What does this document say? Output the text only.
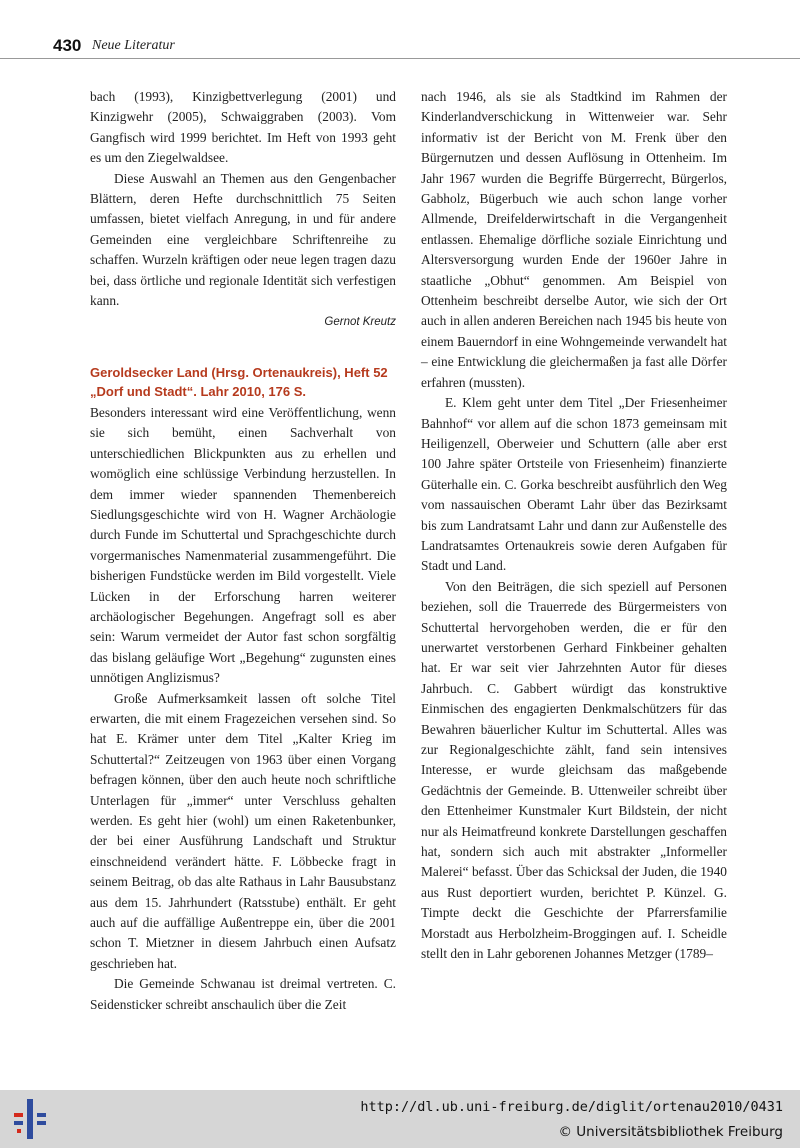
430 Neue Literatur

bach (1993), Kinzigbettverlegung (2001) und Kinzigwehr (2005), Schwaiggraben (2003). Vom Gangfisch wird 1999 berichtet. Im Heft von 1993 geht es um den Ziegelwaldsee.

Diese Auswahl an Themen aus den Gengenbacher Blättern, deren Hefte durchschnittlich 75 Seiten umfassen, bietet vielfach Anregung, in und für andere Gemeinden eine vergleichbare Schriftenreihe zu schaffen. Wurzeln kräftigen oder neue legen tragen dazu bei, dass örtliche und regionale Identität sich verfestigen kann.

Gernot Kreutz

Geroldsecker Land (Hrsg. Ortenaukreis), Heft 52 „Dorf und Stadt“. Lahr 2010, 176 S.

Besonders interessant wird eine Veröffentlichung, wenn sie sich bemüht, einen Sachverhalt von unterschiedlichen Blickpunkten aus zu erhellen und womöglich eine schlüssige Verbindung herzustellen. In dem immer wieder spannenden Themenbereich Siedlungsgeschichte wird von H. Wagner Archäologie durch Funde im Schuttertal und Sprachgeschichte durch vorgermanisches Namenmaterial zusammengeführt. Die bisherigen Fundstücke werden im Bild vorgestellt. Viele Lücken in der Erforschung harren weiterer archäologischer Begehungen. Angefragt soll es aber sein: Warum vermeidet der Autor fast schon sorgfältig das bislang geläufige Wort „Begehung“ zugunsten eines unnötigen Anglizismus?

Große Aufmerksamkeit lassen oft solche Titel erwarten, die mit einem Fragezeichen versehen sind. So hat E. Krämer unter dem Titel „Kalter Krieg im Schuttertal?“ Zeitzeugen von 1963 über einen Vorgang befragen können, über den auch heute noch schriftliche Unterlagen für „immer“ unter Verschluss gehalten werden. Es geht hier (wohl) um einen Raketenbunker, der bei einer Ausführung Landschaft und Struktur einschneidend verändert hätte. F. Löbbecke fragt in seinem Beitrag, ob das alte Rathaus in Lahr Bausubstanz aus dem 15. Jahrhundert (Ratsstube) enthält. Er geht auch auf die auffällige Außentreppe ein, über die 2001 schon T. Mietzner in diesem Jahrbuch einen Aufsatz geschrieben hat.

Die Gemeinde Schwanau ist dreimal vertreten. C. Seidensticker schreibt anschaulich über die Zeit

nach 1946, als sie als Stadtkind im Rahmen der Kinderlandverschickung in Wittenweier war. Sehr informativ ist der Bericht von M. Frenk über den Bürgernutzen und dessen Auflösung in Ottenheim. Im Jahr 1967 wurden die Begriffe Bürgerrecht, Bürgerlos, Gabholz, Bügerbuch wie auch schon lange vorher Allmende, Dreifelderwirtschaft in die Vergangenheit entlassen. Ehemalige dörfliche soziale Einrichtung und Altersversorgung wurden Ende der 1960er Jahre in staatliche „Obhut“ genommen. Am Beispiel von Ottenheim beschreibt derselbe Autor, wie sich der Ort auch in allen anderen Bereichen nach 1945 bis heute von einem Bauerndorf in eine Wohngemeinde verwandelt hat – eine Entwicklung die gleichermaßen ja fast alle Dörfer erfahren (mussten).

E. Klem geht unter dem Titel „Der Friesenheimer Bahnhof“ vor allem auf die schon 1873 gemeinsam mit Heiligenzell, Oberweier und Schuttern (alle aber erst 100 Jahre später Ortsteile von Friesenheim) finanzierte Güterhalle ein. C. Gorka beschreibt ausführlich den Weg vom nassauischen Oberamt Lahr über das Bezirksamt bis zum Landratsamt Lahr und dann zur Außenstelle des Landratsamtes Ortenaukreis sowie deren Aufgaben für Stadt und Land.

Von den Beiträgen, die sich speziell auf Personen beziehen, soll die Trauerrede des Bürgermeisters von Schuttertal hervorgehoben werden, die er für den unerwartet verstorbenen Gerhard Finkbeiner gehalten hat. Er war seit vier Jahrzehnten Autor für dieses Jahrbuch. C. Gabbert würdigt das konstruktive Einmischen des engagierten Denkmalschützers für das Bewahren bäuerlicher Kultur im Schuttertal. Alles was zur Regionalgeschichte zählt, fand sein intensives Interesse, er wurde gleichsam das maßgebende Gedächtnis der Gemeinde. B. Uttenweiler schreibt über den Ettenheimer Kunstmaler Kurt Bildstein, der nicht nur als Heimatfreund konkrete Darstellungen geschaffen hat, sondern sich auch mit abstrakter „Informeller Malerei“ befasst. Über das Schicksal der Juden, die 1940 aus Rust deportiert wurden, berichtet P. Künzel. G. Timpte deckt die Geschichte der Pfarrersfamilie Morstadt aus Herbolzheim-Broggingen auf. I. Scheidle stellt den in Lahr geborenen Johannes Metzger (1789–

http://dl.ub.uni-freiburg.de/diglit/ortenau2010/0431
© Universitätsbibliothek Freiburg
